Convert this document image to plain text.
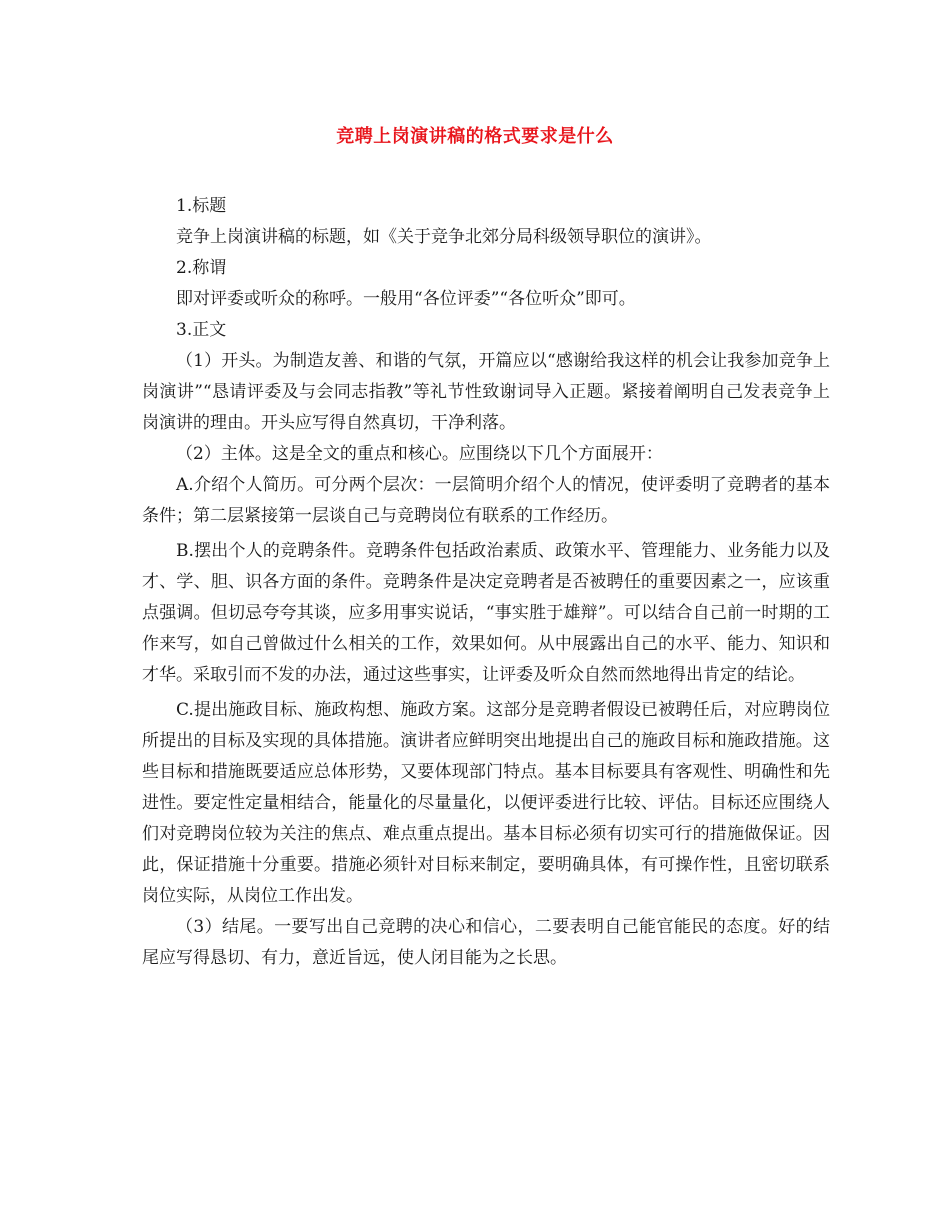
竞聘上岗演讲稿的格式要求是什么

1.标题

竞争上岗演讲稿的标题，如《关于竞争北郊分局科级领导职位的演讲》。

2.称谓

即对评委或听众的称呼。一般用“各位评委”“各位听众”即可。

3.正文

（1）开头。为制造友善、和谐的气氛，开篇应以“感谢给我这样的机会让我参加竞争上岗演讲”“恳请评委及与会同志指教”等礼节性致谢词导入正题。紧接着阐明自己发表竞争上岗演讲的理由。开头应写得自然真切，干净利落。

（2）主体。这是全文的重点和核心。应围绕以下几个方面展开：

A.介绍个人简历。可分两个层次：一层简明介绍个人的情况，使评委明了竞聘者的基本条件；第二层紧接第一层谈自己与竞聘岗位有联系的工作经历。

B.摆出个人的竞聘条件。竞聘条件包括政治素质、政策水平、管理能力、业务能力以及才、学、胆、识各方面的条件。竞聘条件是决定竞聘者是否被聘任的重要因素之一，应该重点强调。但切忌夸夸其谈，应多用事实说话，“事实胜于雄辩”。可以结合自己前一时期的工作来写，如自己曾做过什么相关的工作，效果如何。从中展露出自己的水平、能力、知识和才华。采取引而不发的办法，通过这些事实，让评委及听众自然而然地得出肯定的结论。

C.提出施政目标、施政构想、施政方案。这部分是竞聘者假设已被聘任后，对应聘岗位所提出的目标及实现的具体措施。演讲者应鲜明突出地提出自己的施政目标和施政措施。这些目标和措施既要适应总体形势，又要体现部门特点。基本目标要具有客观性、明确性和先进性。要定性定量相结合，能量化的尽量量化，以便评委进行比较、评估。目标还应围绕人们对竞聘岗位较为关注的焦点、难点重点提出。基本目标必须有切实可行的措施做保证。因此，保证措施十分重要。措施必须针对目标来制定，要明确具体，有可操作性，且密切联系岗位实际，从岗位工作出发。

（3）结尾。一要写出自己竞聘的决心和信心，二要表明自己能官能民的态度。好的结尾应写得恳切、有力，意近旨远，使人闭目能为之长思。
